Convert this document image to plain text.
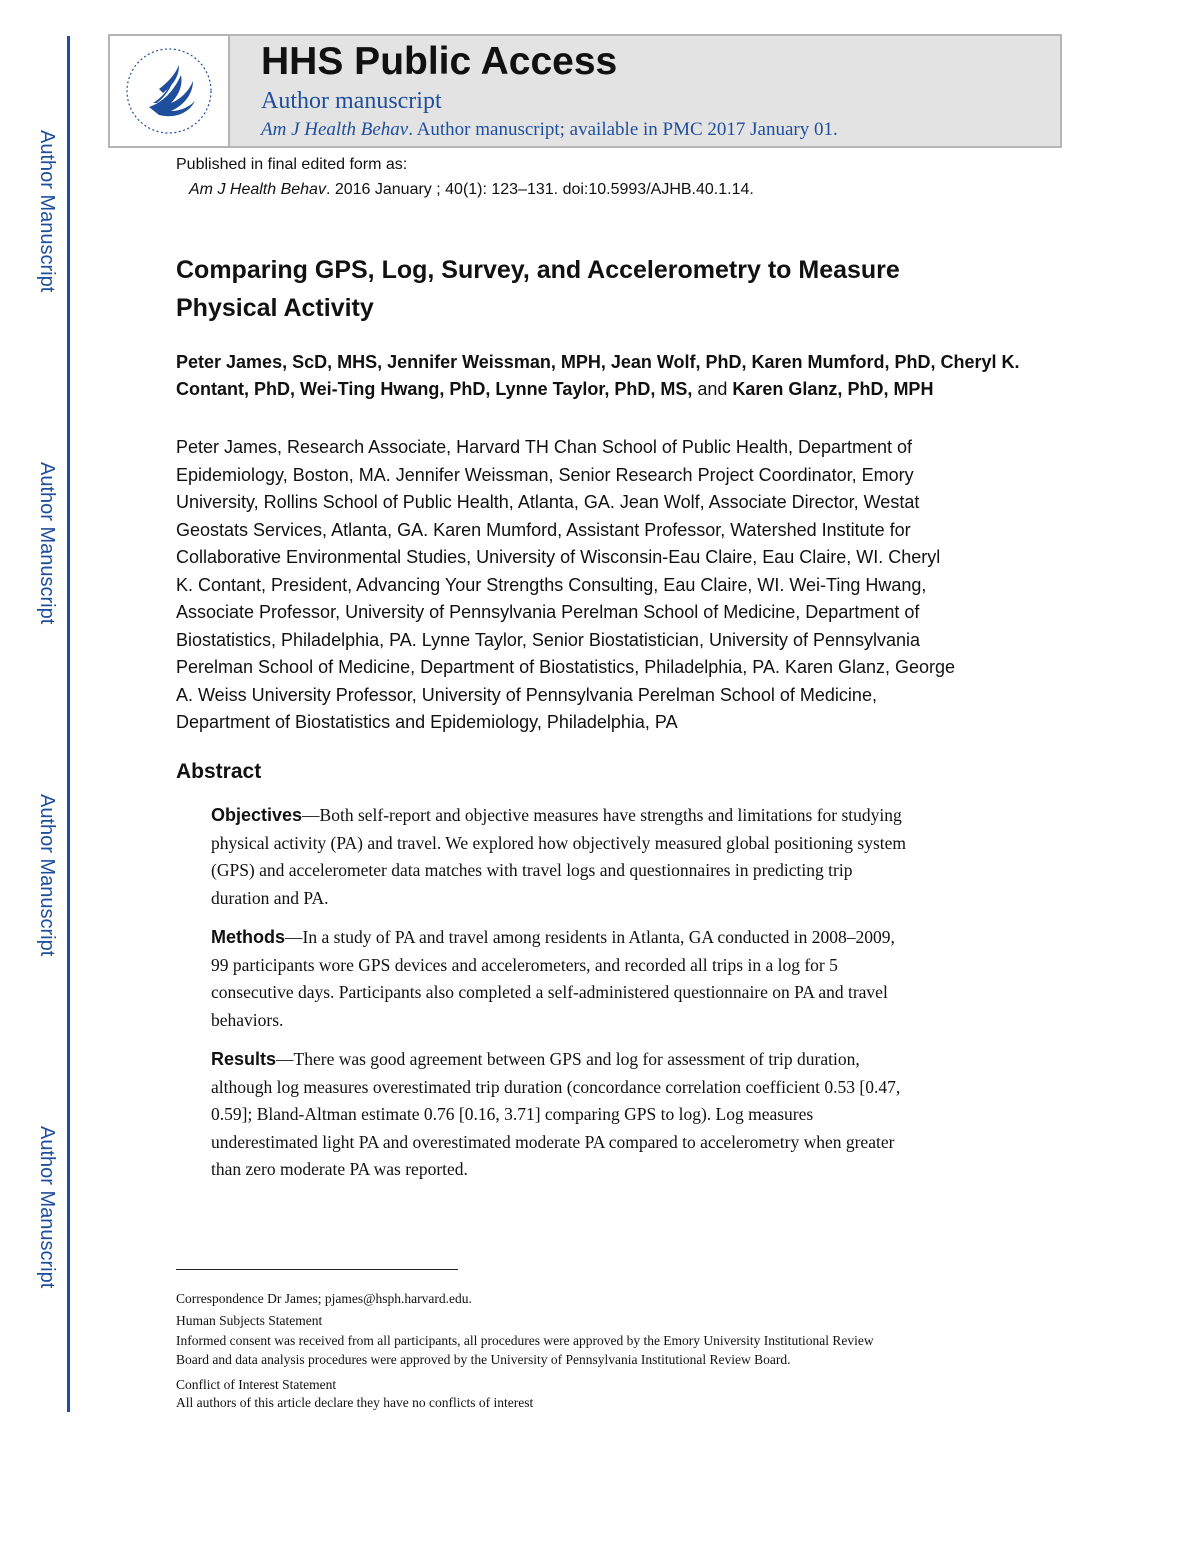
Author Manuscript
Author Manuscript
Author Manuscript
Author Manuscript
HHS Public Access
Author manuscript
Am J Health Behav. Author manuscript; available in PMC 2017 January 01.
Published in final edited form as:
Am J Health Behav. 2016 January ; 40(1): 123–131. doi:10.5993/AJHB.40.1.14.
Comparing GPS, Log, Survey, and Accelerometry to Measure
Physical Activity
Peter James, ScD, MHS, Jennifer Weissman, MPH, Jean Wolf, PhD, Karen Mumford, PhD, Cheryl K. Contant, PhD, Wei-Ting Hwang, PhD, Lynne Taylor, PhD, MS, and Karen Glanz, PhD, MPH
Peter James, Research Associate, Harvard TH Chan School of Public Health, Department of
Epidemiology, Boston, MA. Jennifer Weissman, Senior Research Project Coordinator, Emory
University, Rollins School of Public Health, Atlanta, GA. Jean Wolf, Associate Director, Westat
Geostats Services, Atlanta, GA. Karen Mumford, Assistant Professor, Watershed Institute for
Collaborative Environmental Studies, University of Wisconsin-Eau Claire, Eau Claire, WI. Cheryl
K. Contant, President, Advancing Your Strengths Consulting, Eau Claire, WI. Wei-Ting Hwang,
Associate Professor, University of Pennsylvania Perelman School of Medicine, Department of
Biostatistics, Philadelphia, PA. Lynne Taylor, Senior Biostatistician, University of Pennsylvania
Perelman School of Medicine, Department of Biostatistics, Philadelphia, PA. Karen Glanz, George
A. Weiss University Professor, University of Pennsylvania Perelman School of Medicine,
Department of Biostatistics and Epidemiology, Philadelphia, PA
Abstract
Objectives—Both self-report and objective measures have strengths and limitations for studying
physical activity (PA) and travel. We explored how objectively measured global positioning system
(GPS) and accelerometer data matches with travel logs and questionnaires in predicting trip
duration and PA.
Methods—In a study of PA and travel among residents in Atlanta, GA conducted in 2008–2009,
99 participants wore GPS devices and accelerometers, and recorded all trips in a log for 5
consecutive days. Participants also completed a self-administered questionnaire on PA and travel
behaviors.
Results—There was good agreement between GPS and log for assessment of trip duration,
although log measures overestimated trip duration (concordance correlation coefficient 0.53 [0.47,
0.59]; Bland-Altman estimate 0.76 [0.16, 3.71] comparing GPS to log). Log measures
underestimated light PA and overestimated moderate PA compared to accelerometry when greater
than zero moderate PA was reported.
Correspondence Dr James; pjames@hsph.harvard.edu.
Human Subjects Statement
Informed consent was received from all participants, all procedures were approved by the Emory University Institutional Review
Board and data analysis procedures were approved by the University of Pennsylvania Institutional Review Board.
Conflict of Interest Statement
All authors of this article declare they have no conflicts of interest
